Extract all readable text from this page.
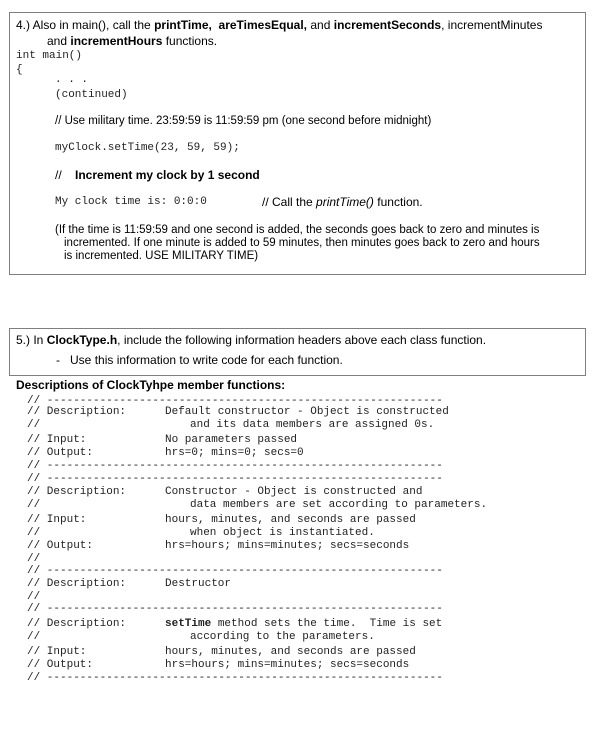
4.) Also in main(), call the printTime, areTimesEqual, and incrementSeconds, incrementMinutes
and incrementHours functions.
int main()
{
. . .
(continued)
// Use military time. 23:59:59 is 11:59:59 pm (one second before midnight)
myClock.setTime(23, 59, 59);
// Increment my clock by 1 second
My clock time is: 0:0:0	// Call the printTime() function.
(If the time is 11:59:59 and one second is added, the seconds goes back to zero and minutes is
incremented. If one minute is added to 59 minutes, then minutes goes back to zero and hours
is incremented. USE MILITARY TIME)
5.) In ClockType.h, include the following information headers above each class function.
- Use this information to write code for each function.
Descriptions of ClockTyhpe member functions:
// ------------------------------------------------------------
// Description:	Default constructor - Object is constructed
//	and its data members are assigned 0s.
// Input:	No parameters passed
// Output:	hrs=0; mins=0; secs=0
// ------------------------------------------------------------
// ------------------------------------------------------------
// Description:	Constructor - Object is constructed and
//	data members are set according to parameters.
// Input:	hours, minutes, and seconds are passed
//	when object is instantiated.
// Output:	hrs=hours; mins=minutes; secs=seconds
//
// ------------------------------------------------------------
// Description:	Destructor
//
// ------------------------------------------------------------
// Description:	setTime method sets the time.  Time is set
//	according to the parameters.
// Input:	hours, minutes, and seconds are passed
// Output:	hrs=hours; mins=minutes; secs=seconds
// ------------------------------------------------------------
